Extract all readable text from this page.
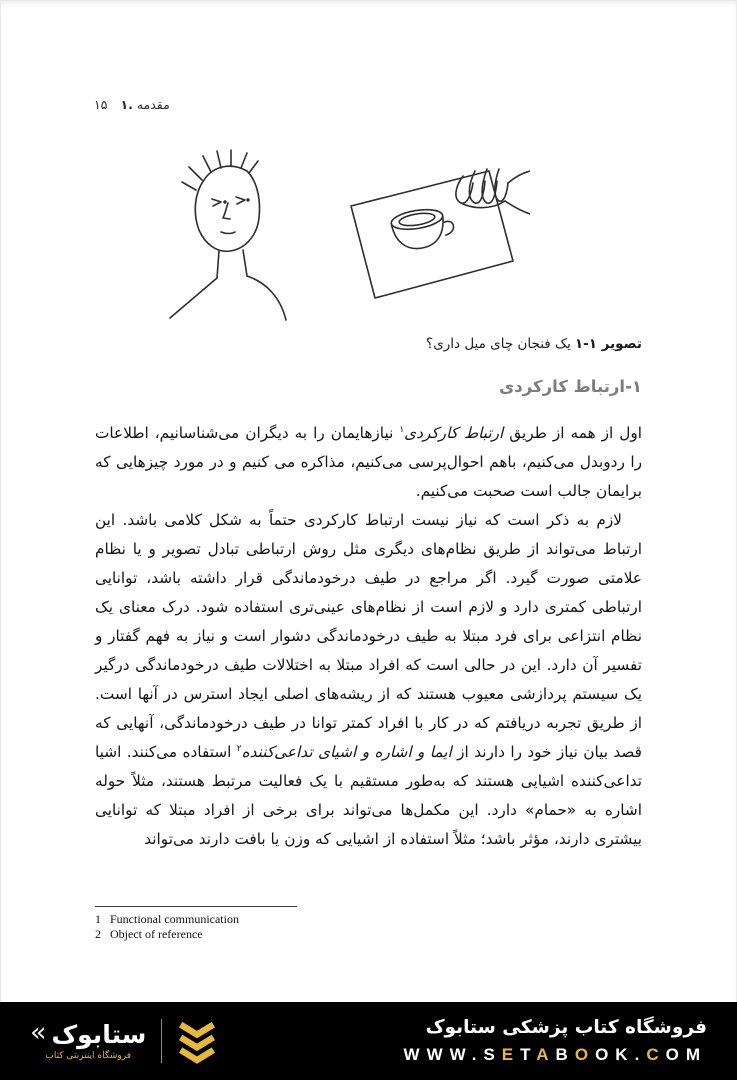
۱۵ ۱. مقدمه
تصویر ۱-۱یک فنجان چای میل داری؟
۱-ارتباط کارکردی

اول از همه از طریق ارتباط کارکردی$^۱$ نیازهایمان را به دیگران می‌شناسانیم، اطلاعات را ردوبدل می‌کنیم، باهم احوال‌پرسی می‌کنیم، مذاکره می کنیم و در مورد چیزهایی که برایمان جالب است صحبت می‌کنیم.

لازم به ذکر است که نیاز نیست ارتباط کارکردی حتماً به شکل کلامی باشد. این ارتباط می‌تواند از طریق نظام‌های دیگری مثل روش ارتباطی تبادل تصویر و یا نظام علامتی صورت گیرد. اگر مراجع در طیف درخودماندگی قرار داشته باشد، توانایی ارتباطی کمتری دارد و لازم است از نظام‌های عینی‌تری استفاده شود. درک معنای یک نظام انتزاعی برای فرد مبتلا به طیف درخودماندگی دشوار است و نیاز به فهم گفتار و تفسیر آن دارد. این در حالی است که افراد مبتلا به اختلالات طیف درخودماندگی درگیر یک سیستم پردازشی معیوب هستند که از ریشه‌های اصلی ایجاد استرس در آنها است. از طریق تجربه دریافتم که در کار با افراد کمتر توانا در طیف درخودماندگی، آنهایی که قصد بیان نیاز خود را دارند از ایما و اشاره و اشیای تداعی‌کننده$^۲$ استفاده می‌کنند. اشیا تداعی‌کننده اشیایی هستند که به‌طور مستقیم با یک فعالیت مرتبط هستند، مثلاً حوله اشاره به «حمام» دارد. این مکمل‌ها می‌تواند برای برخی از افراد مبتلا که توانایی بیشتری دارند، مؤثر باشد؛ مثلاً استفاده از اشیایی که وزن یا بافت دارند می‌تواند

1 Functional communication
2 Object of reference
« ستابوک
فروشگاه اینترنتی کتاب
فروشگاه کتاب پزشکی ستابوک
WWW.SETABOOK.COM
